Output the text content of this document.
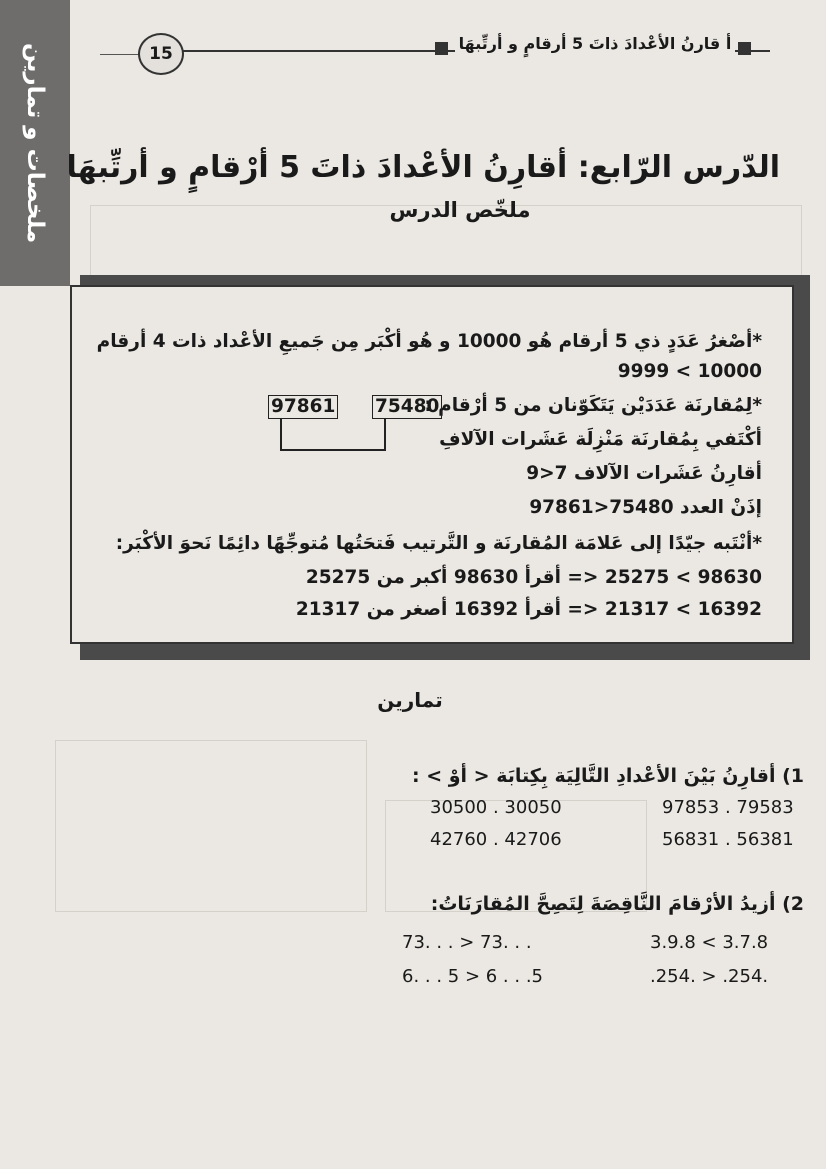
ملخصات و تمارين	15
أ قارنُ الأعْدادَ ذاتَ 5 أرقامٍ و أرتِّبهَا
الدّرس الرّابع: أقارِنُ الأعْدادَ ذاتَ 5 أرْقامٍ و أرتِّبهَا
ملخّص الدرس
*أصْغرُ عَدَدٍ ذي 5 أرقام هُو 10000 و هُو أكْبَر مِن جَميعِ الأعْداد ذات 4 أرقام
10000 > 9999
*لِمُقارنَة عَدَدَيْن يَتَكَوّنان من 5 أرْقام :
75480
97861
أكْتَفي بِمُقارنَة مَنْزِلَة عَشَرات الآلافِ
أقارِنُ عَشَرات الآلاف 7<9
إذَنْ العدد 75480<97861
*أنْتَبه جيّدًا إلى عَلامَة المُقارنَة و التَّرتيب فَتحَتُها مُتوجِّهًا دائِمًا نَحوَ الأكْبَر:
98630 > 25275 <= أقرأ 98630 أكبر من 25275
16392 > 21317 <= أقرأ 16392 أصغر من 21317
تمارين
1) أقارِنُ بَيْنَ الأعْدادِ التَّالِيَة بِكِتابَة < أوْ > :
97853 . 79583
30500 . 30050
56831 . 56381
42760 . 42706
2) أزيدُ الأرْقامَ النَّاقِصَةَ لِتَصِحَّ المُقارَنَاتُ:
3.9.8 < 3.7.8
73. . . > 73. . .
.254. > .254.
6. . . 5 > 6 . . .5
